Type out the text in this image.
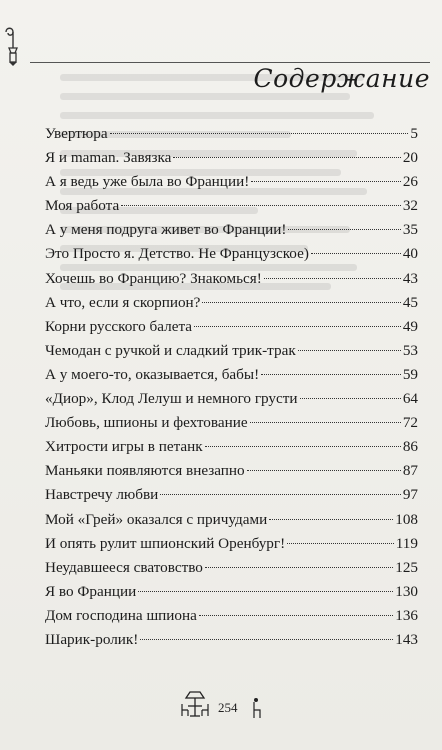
Содержание
Увертюра	5
Я и maman. Завязка	20
А я ведь уже была во Франции!	26
Моя работа	32
А у меня подруга живет во Франции!	35
Это Просто я. Детство. Не Французское)	40
Хочешь во Францию? Знакомься!	43
А что, если я скорпион?	45
Корни русского балета	49
Чемодан с ручкой и сладкий трик-трак	53
А у моего-то, оказывается, бабы!	59
«Диор», Клод Лелуш и немного грусти	64
Любовь, шпионы и фехтование	72
Хитрости игры в петанк	86
Маньяки появляются внезапно	87
Навстречу любви	97
Мой «Грей» оказался с причудами	108
И опять рулит шпионский Оренбург!	119
Неудавшееся сватовство	125
Я во Франции	130
Дом господина шпиона	136
Шарик-ролик!	143
254
